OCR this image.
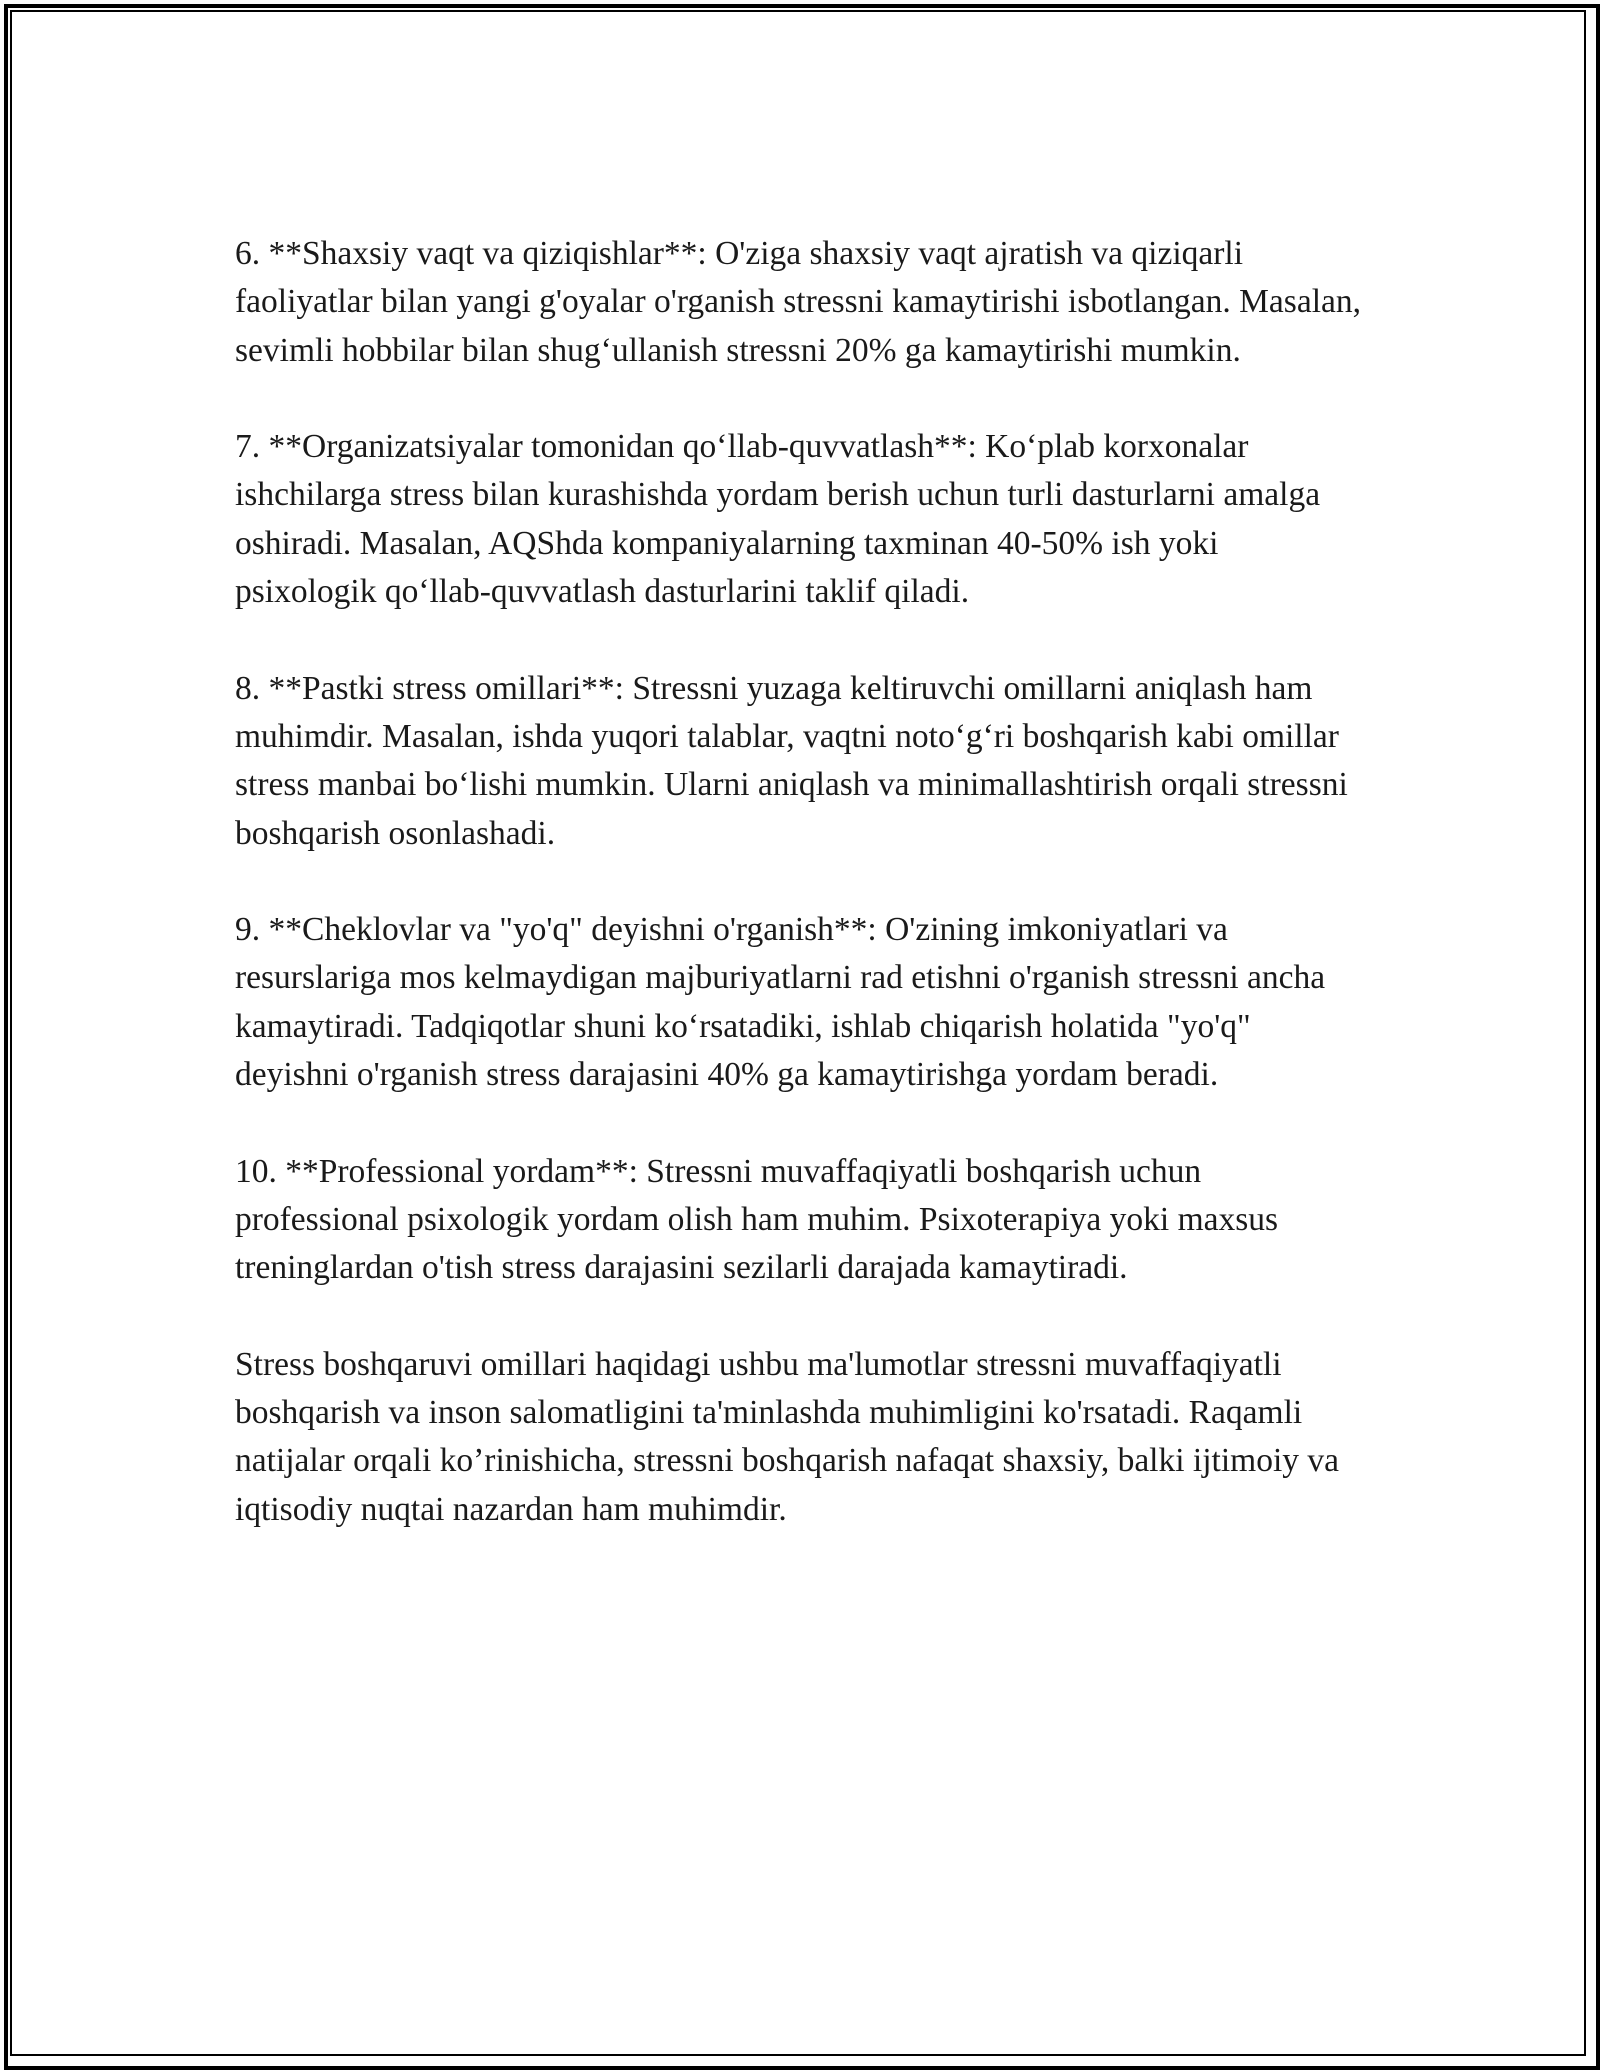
6. **Shaxsiy vaqt va qiziqishlar**: O'ziga shaxsiy vaqt ajratish va qiziqarli faoliyatlar bilan yangi g'oyalar o'rganish stressni kamaytirishi isbotlangan. Masalan, sevimli hobbilar bilan shug‘ullanish stressni 20% ga kamaytirishi mumkin.

7. **Organizatsiyalar tomonidan qo‘llab-quvvatlash**: Ko‘plab korxonalar ishchilarga stress bilan kurashishda yordam berish uchun turli dasturlarni amalga oshiradi. Masalan, AQShda kompaniyalarning taxminan 40-50% ish yoki psixologik qo‘llab-quvvatlash dasturlarini taklif qiladi.

8. **Pastki stress omillari**: Stressni yuzaga keltiruvchi omillarni aniqlash ham muhimdir. Masalan, ishda yuqori talablar, vaqtni noto‘g‘ri boshqarish kabi omillar stress manbai bo‘lishi mumkin. Ularni aniqlash va minimallashtirish orqali stressni boshqarish osonlashadi.

9. **Cheklovlar va "yo'q" deyishni o'rganish**: O'zining imkoniyatlari va resurslariga mos kelmaydigan majburiyatlarni rad etishni o'rganish stressni ancha kamaytiradi. Tadqiqotlar shuni ko‘rsatadiki, ishlab chiqarish holatida "yo'q" deyishni o'rganish stress darajasini 40% ga kamaytirishga yordam beradi.

10. **Professional yordam**: Stressni muvaffaqiyatli boshqarish uchun professional psixologik yordam olish ham muhim. Psixoterapiya yoki maxsus treninglardan o'tish stress darajasini sezilarli darajada kamaytiradi.

Stress boshqaruvi omillari haqidagi ushbu ma'lumotlar stressni muvaffaqiyatli boshqarish va inson salomatligini ta'minlashda muhimligini ko'rsatadi. Raqamli natijalar orqali ko’rinishicha, stressni boshqarish nafaqat shaxsiy, balki ijtimoiy va iqtisodiy nuqtai nazardan ham muhimdir.
